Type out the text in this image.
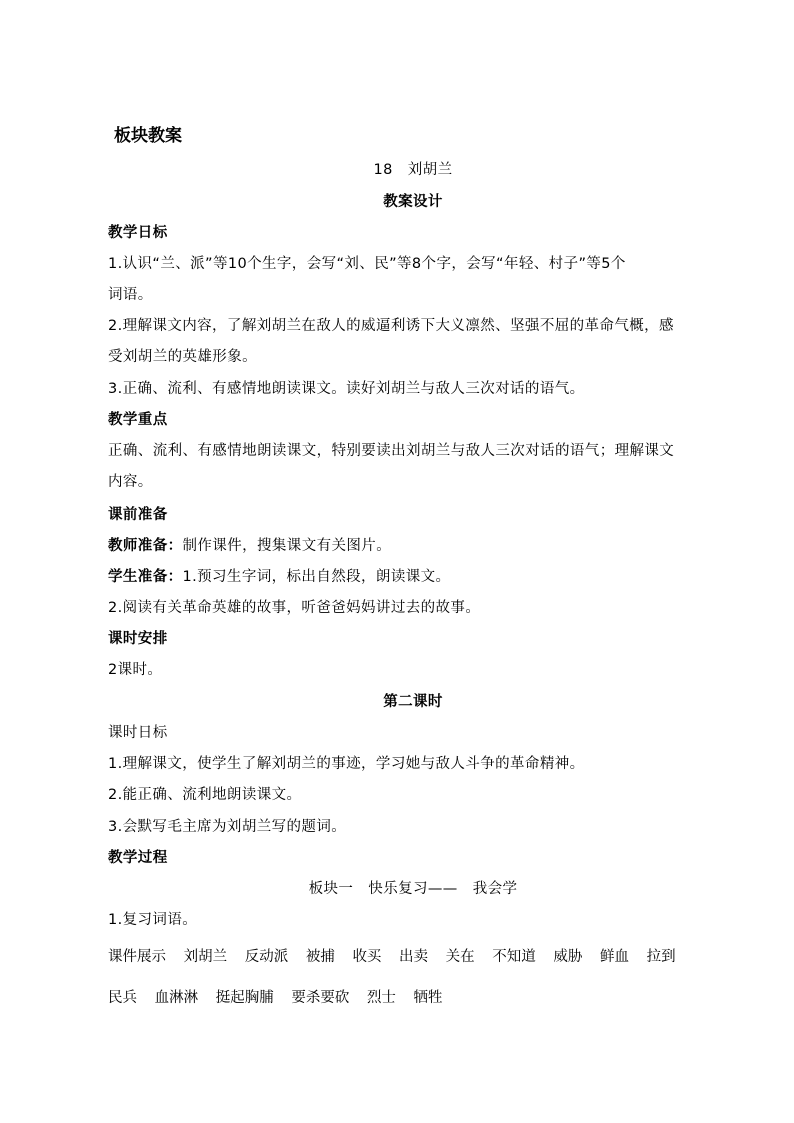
板块教案
18   刘胡兰
教案设计
教学日标
1.认识“兰、派”等10个生字，会写“刘、民”等8个字，会写“年轻、村子”等5个
词语。
2.理解课文内容，了解刘胡兰在敌人的威逼利诱下大义凛然、坚强不屈的革命气概，感
受刘胡兰的英雄形象。
3.正确、流利、有感情地朗读课文。读好刘胡兰与敌人三次对话的语气。
教学重点
正确、流利、有感情地朗读课文，特别要读出刘胡兰与敌人三次对话的语气；理解课文
内容。
课前准备
教师准备：制作课件，搜集课文有关图片。
学生准备：1.预习生字词，标出自然段，朗读课文。
2.阅读有关革命英雄的故事，听爸爸妈妈讲过去的故事。
课时安排
2课时。
第二课时
课时日标
1.理解课文，使学生了解刘胡兰的事迹，学习她与敌人斗争的革命精神。
2.能正确、流利地朗读课文。
3.会默写毛主席为刘胡兰写的题词。
教学过程
板块一   快乐复习——   我会学
1.复习词语。
课件展示 刘胡兰 反动派 被捕 收买 出卖 关在 不知道 威胁 鲜血 拉到
民兵 血淋淋 挺起胸脯 要杀要砍 烈士 牺牲
